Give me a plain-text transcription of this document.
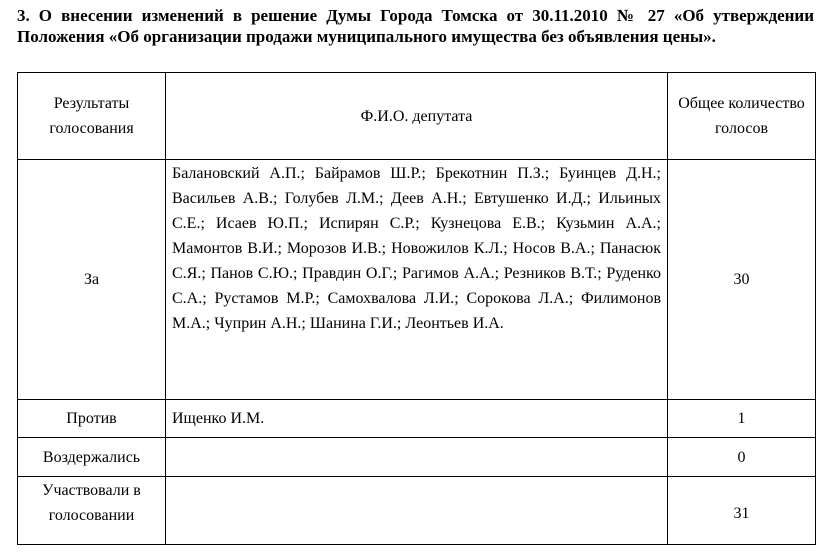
3. О внесении изменений в решение Думы Города Томска от 30.11.2010 № 27 «Об утверждении Положения «Об организации продажи муниципального имущества без объявления цены».
Результаты голосования	Ф.И.О. депутата	Общее количество голосов
За	Балановский А.П.; Байрамов Ш.Р.; Брекотнин П.З.; Буинцев Д.Н.; Васильев А.В.; Голубев Л.М.; Деев А.Н.; Евтушенко И.Д.; Ильиных С.Е.; Исаев Ю.П.; Испирян С.Р.; Кузнецова Е.В.; Кузьмин А.А.; Мамонтов В.И.; Морозов И.В.; Новожилов К.Л.; Носов В.А.; Панасюк С.Я.; Панов С.Ю.; Правдин О.Г.; Рагимов А.А.; Резников В.Т.; Руденко С.А.; Рустамов М.Р.; Самохвалова Л.И.; Сорокова Л.А.; Филимонов М.А.; Чуприн А.Н.; Шанина Г.И.; Леонтьев И.А.	30
Против	Ищенко И.М.	1
Воздержались		0
Участвовали в голосовании		31
